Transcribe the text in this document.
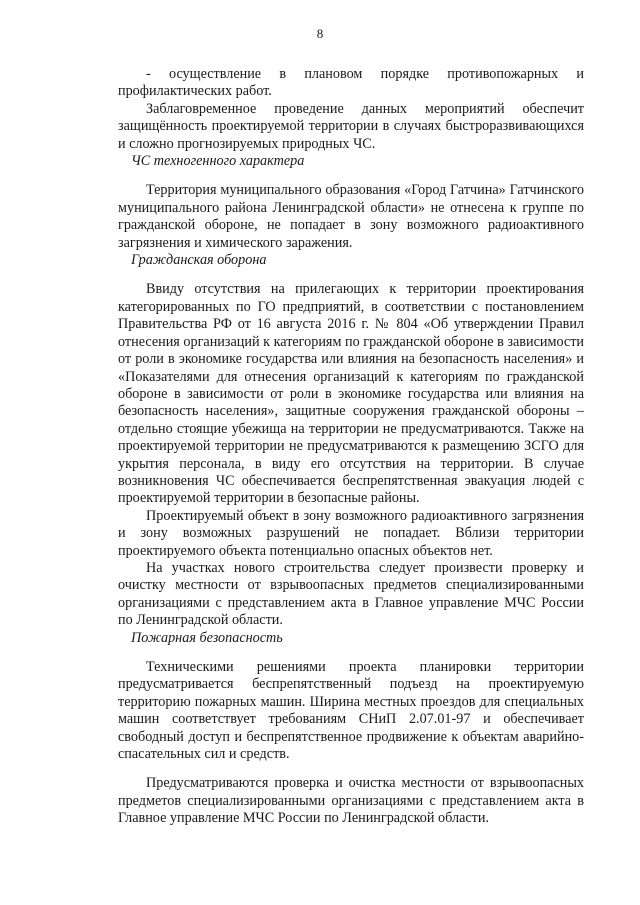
8

- осуществление в плановом порядке противопожарных и профилактических работ.

Заблаговременное проведение данных мероприятий обеспечит защищённость проектируемой территории в случаях быстроразвивающихся и сложно прогнозируемых природных ЧС.

ЧС техногенного характера

Территория муниципального образования «Город Гатчина» Гатчинского муниципального района Ленинградской области» не отнесена к группе по гражданской обороне, не попадает в зону возможного радиоактивного загрязнения и химического заражения.

Гражданская оборона

Ввиду отсутствия на прилегающих к территории проектирования категорированных по ГО предприятий, в соответствии с постановлением Правительства РФ от 16 августа 2016 г. № 804 «Об утверждении Правил отнесения организаций к категориям по гражданской обороне в зависимости от роли в экономике государства или влияния на безопасность населения» и «Показателями для отнесения организаций к категориям по гражданской обороне в зависимости от роли в экономике государства или влияния на безопасность населения», защитные сооружения гражданской обороны – отдельно стоящие убежища на территории не предусматриваются. Также на проектируемой территории не предусматриваются к размещению ЗСГО для укрытия персонала, в виду его отсутствия на территории. В случае возникновения ЧС обеспечивается беспрепятственная эвакуация людей с проектируемой территории в безопасные районы.

Проектируемый объект в зону возможного радиоактивного загрязнения и зону возможных разрушений не попадает. Вблизи территории проектируемого объекта потенциально опасных объектов нет.

На участках нового строительства следует произвести проверку и очистку местности от взрывоопасных предметов специализированными организациями с представлением акта в Главное управление МЧС России по Ленинградской области.

Пожарная безопасность

Техническими решениями проекта планировки территории предусматривается беспрепятственный подъезд на проектируемую территорию пожарных машин. Ширина местных проездов для специальных машин соответствует требованиям СНиП 2.07.01-97 и обеспечивает свободный доступ и беспрепятственное продвижение к объектам аварийно-спасательных сил и средств.

Предусматриваются проверка и очистка местности от взрывоопасных предметов специализированными организациями с представлением акта в Главное управление МЧС России по Ленинградской области.
